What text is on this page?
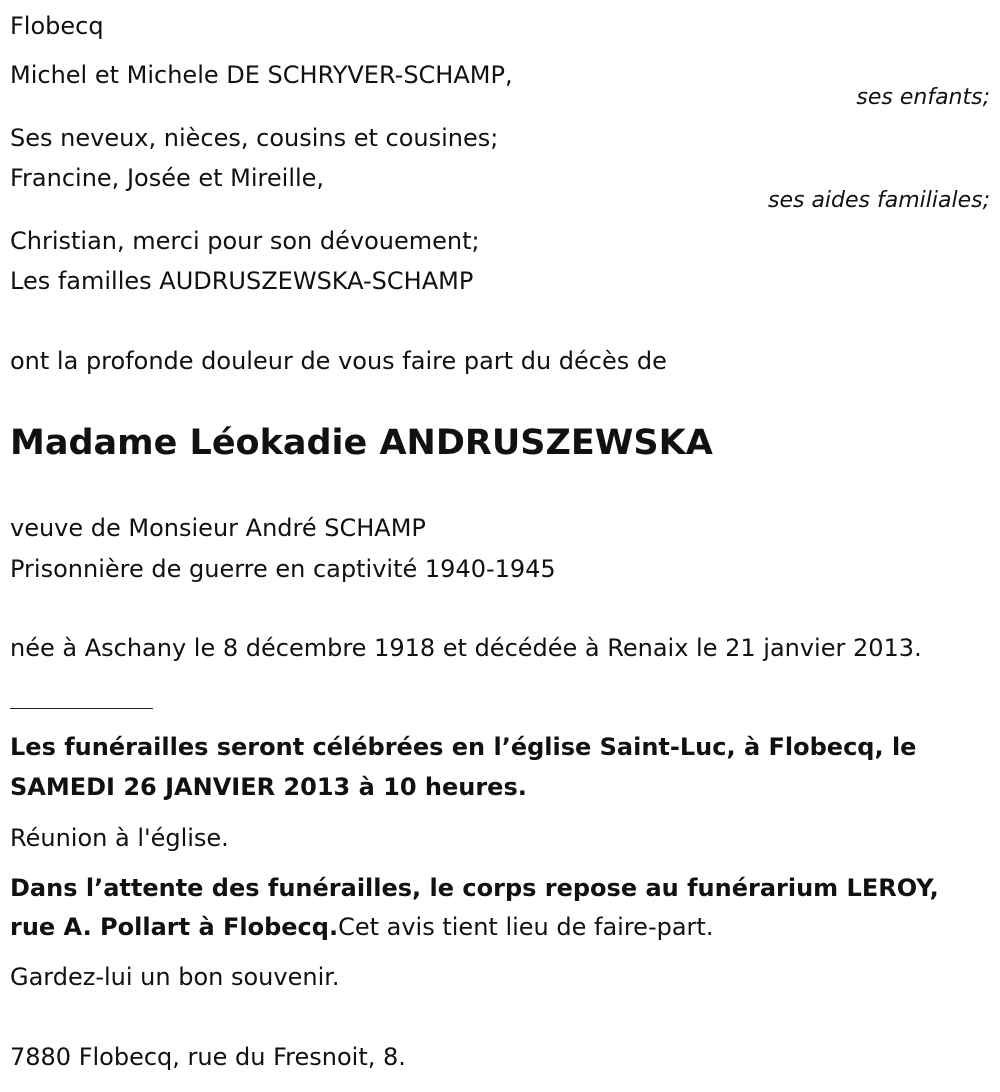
Flobecq
Michel et Michele DE SCHRYVER-SCHAMP,
ses enfants;
Ses neveux, nièces, cousins et cousines;
Francine, Josée et Mireille,
ses aides familiales;
Christian, merci pour son dévouement;
Les familles AUDRUSZEWSKA-SCHAMP
ont la profonde douleur de vous faire part du décès de
Madame Léokadie ANDRUSZEWSKA
veuve de Monsieur André SCHAMP
Prisonnière de guerre en captivité 1940-1945
née à Aschany le 8 décembre 1918 et décédée à Renaix le 21 janvier 2013.
Les funérailles seront célébrées en l’église Saint-Luc, à Flobecq, le
SAMEDI 26 JANVIER 2013 à 10 heures.
Réunion à l'église.
Dans l’attente des funérailles, le corps repose au funérarium LEROY,
rue A. Pollart à Flobecq.Cet avis tient lieu de faire-part.
Gardez-lui un bon souvenir.
7880 Flobecq, rue du Fresnoit, 8.
